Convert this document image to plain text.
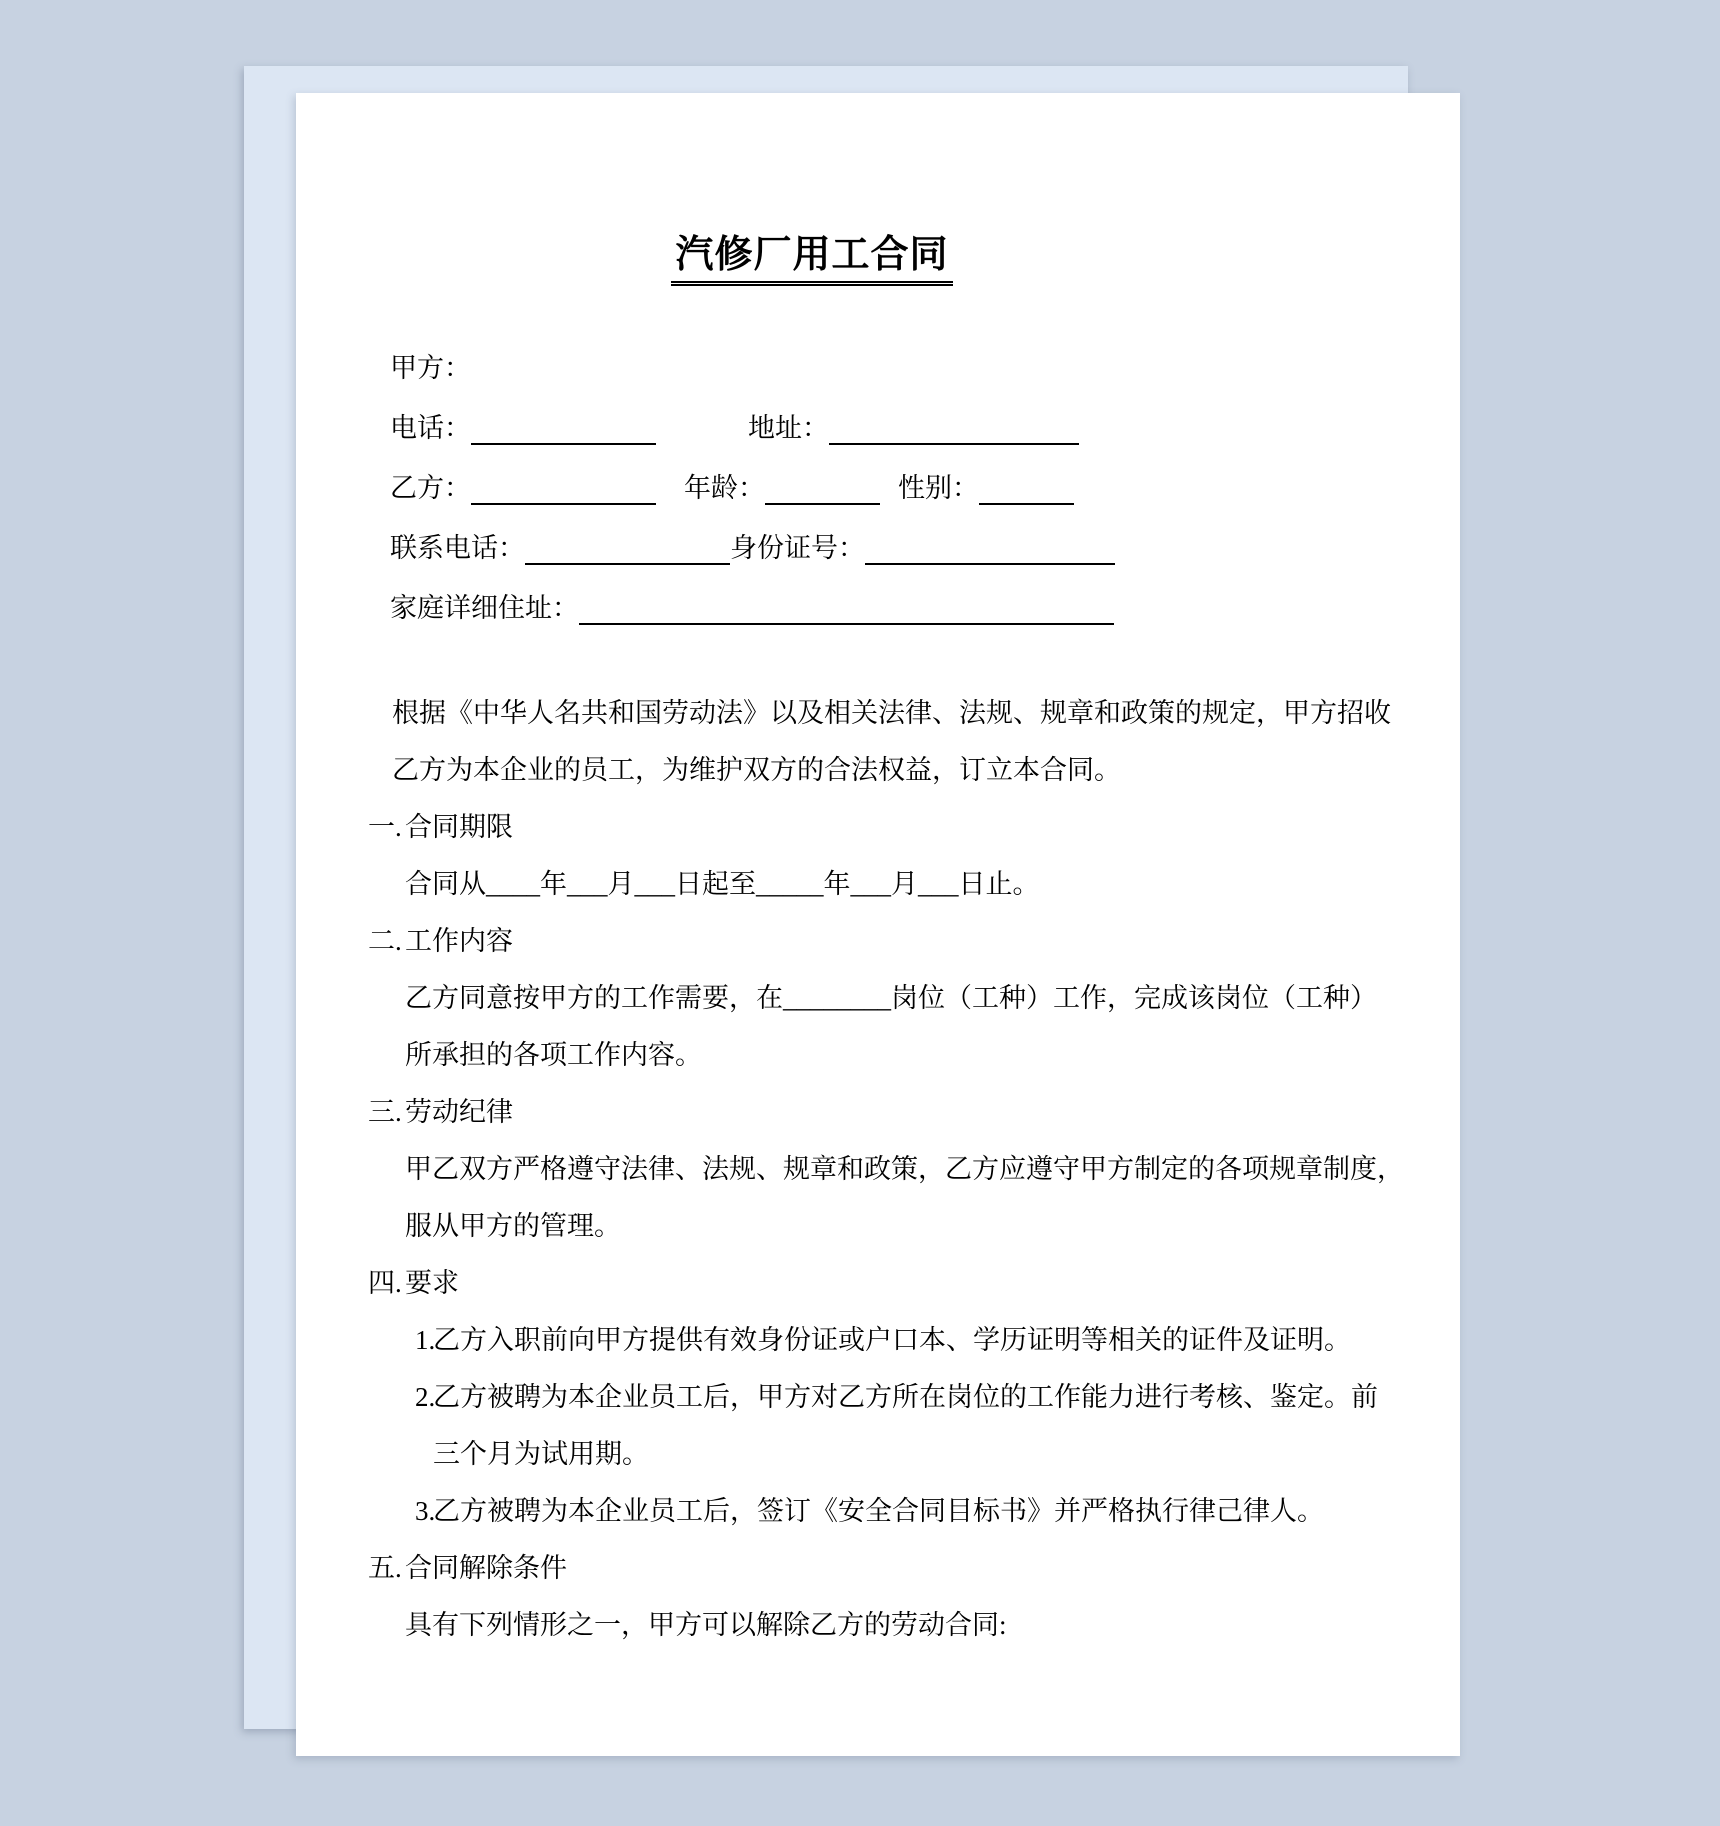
汽修厂用工合同
甲方：
电话：	地址：
乙方：	年龄：	性别：
联系电话：	身份证号：
家庭详细住址：
根据《中华人名共和国劳动法》以及相关法律、法规、规章和政策的规定，甲方招收
乙方为本企业的员工，为维护双方的合法权益，订立本合同。
一. 合同期限
合同从____年___月___日起至_____年___月___日止。
二. 工作内容
乙方同意按甲方的工作需要，在________岗位（工种）工作，完成该岗位（工种）
所承担的各项工作内容。
三. 劳动纪律
甲乙双方严格遵守法律、法规、规章和政策，乙方应遵守甲方制定的各项规章制度，
服从甲方的管理。
四. 要求
1.乙方入职前向甲方提供有效身份证或户口本、学历证明等相关的证件及证明。
2.乙方被聘为本企业员工后，甲方对乙方所在岗位的工作能力进行考核、鉴定。前
三个月为试用期。
3.乙方被聘为本企业员工后，签订《安全合同目标书》并严格执行律己律人。
五. 合同解除条件
具有下列情形之一，甲方可以解除乙方的劳动合同:
